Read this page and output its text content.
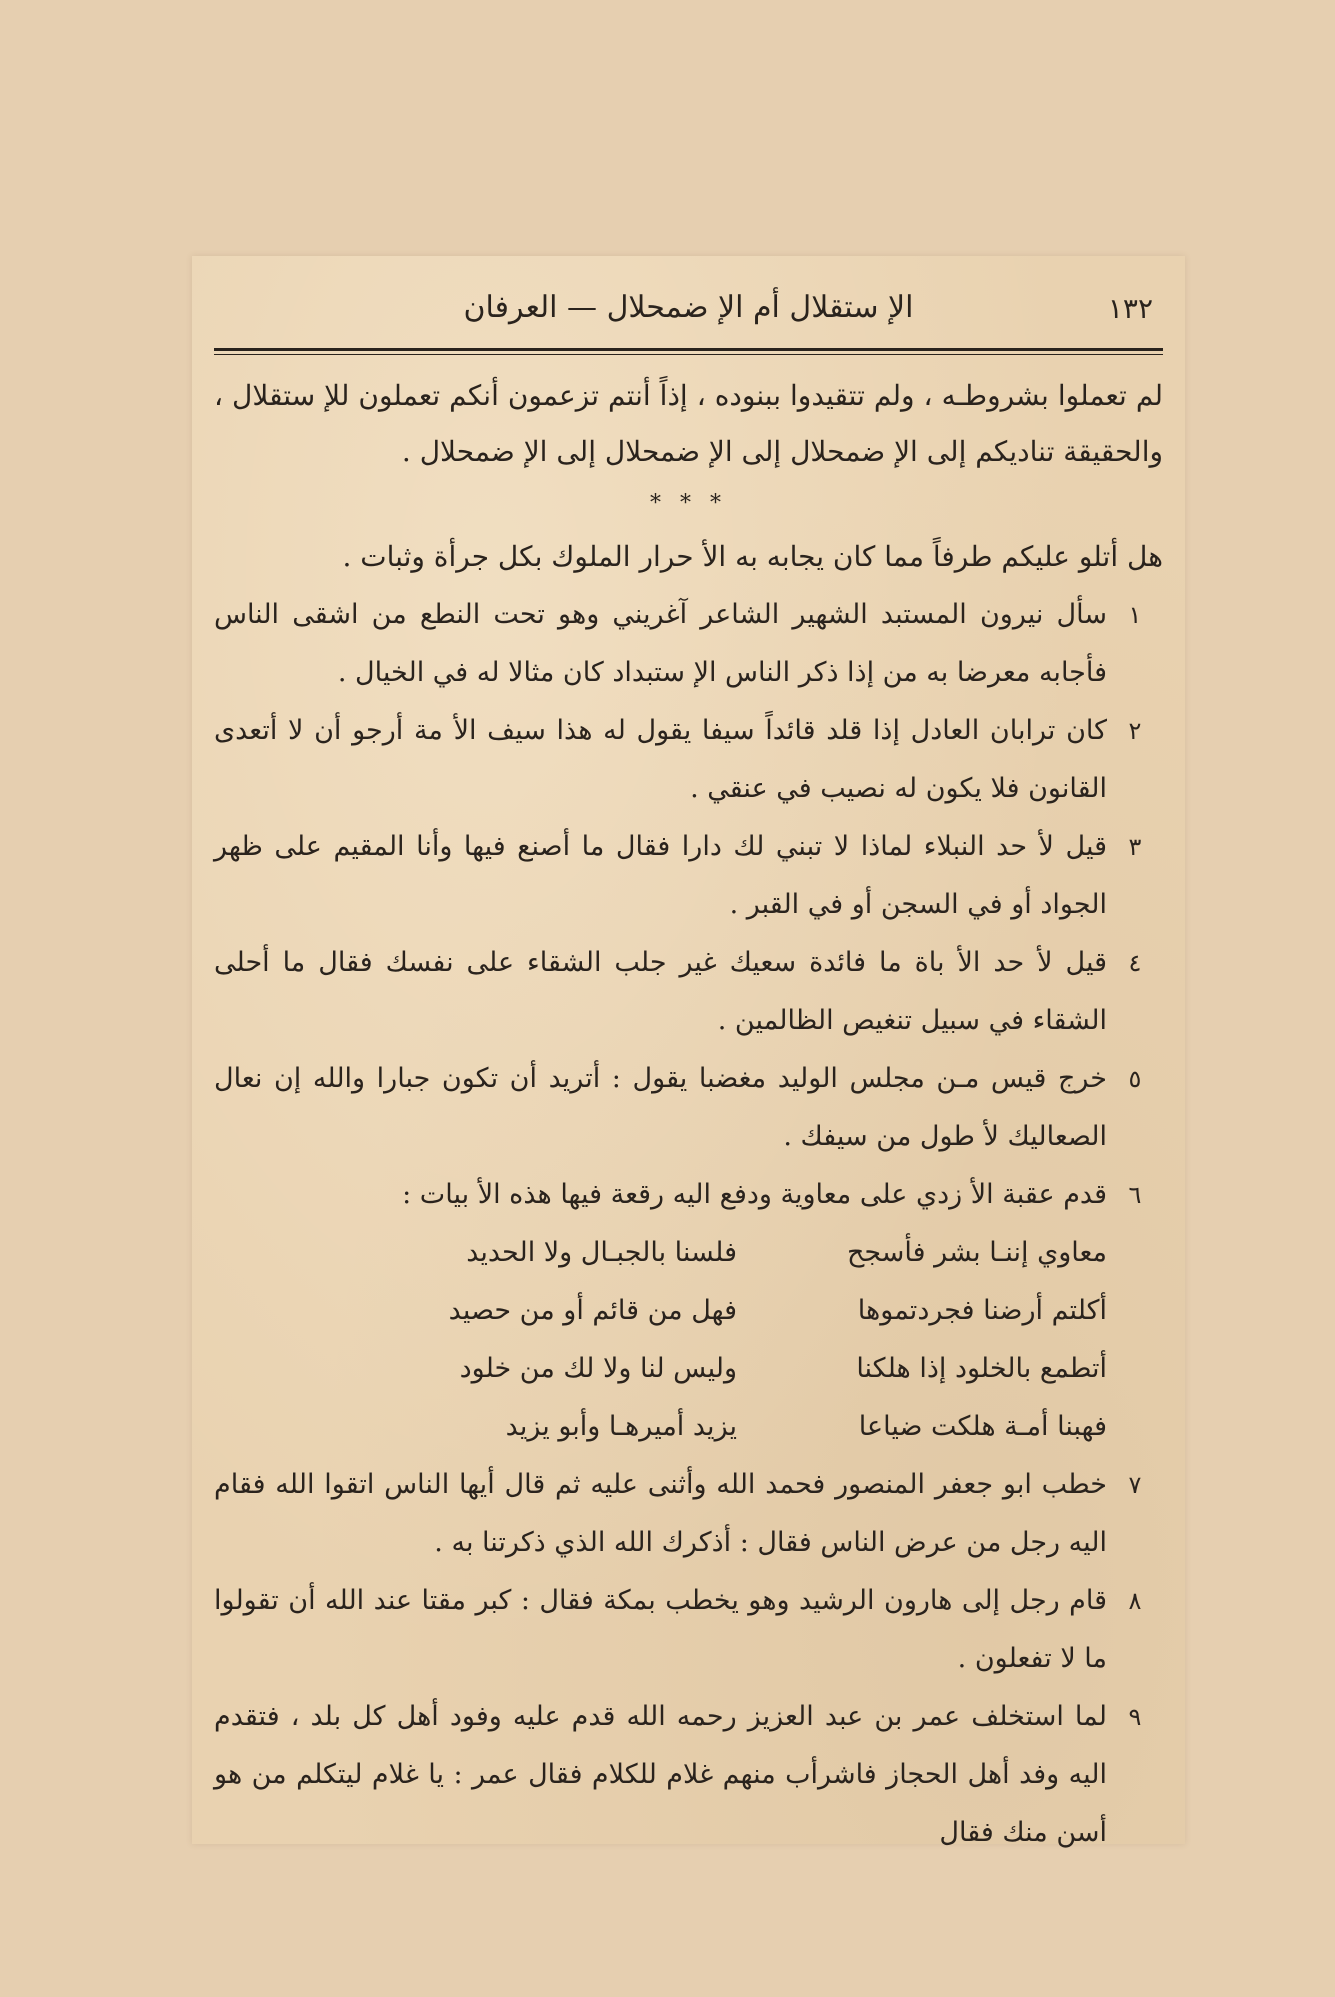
١٣٢
الإ ستقلال أم الإ ضمحلال — العرفان

لم تعملوا بشروطـه ، ولم تتقيدوا ببنوده ، إذاً أنتم تزعمون أنكم تعملون للإ ستقلال ، والحقيقة تناديكم إلى الإ ضمحلال إلى الإ ضمحلال إلى الإ ضمحلال .

* * *

هل أتلو عليكم طرفاً مما كان يجابه به الأ حرار الملوك بكل جرأة وثبات .

١
سأل نيرون المستبد الشهير الشاعر آغريني وهو تحت النطع من اشقى الناس فأجابه معرضا به من إذا ذكر الناس الإ ستبداد كان مثالا له في الخيال .
٢
كان ترابان العادل إذا قلد قائداً سيفا يقول له هذا سيف الأ مة أرجو أن لا أتعدى القانون فلا يكون له نصيب في عنقي .
٣
قيل لأ حد النبلاء لماذا لا تبني لك دارا فقال ما أصنع فيها وأنا المقيم على ظهر الجواد أو في السجن أو في القبر .
٤
قيل لأ حد الأ باة ما فائدة سعيك غير جلب الشقاء على نفسك فقال ما أحلى الشقاء في سبيل تنغيص الظالمين .
٥
خرج قيس مـن مجلس الوليد مغضبا يقول : أتريد أن تكون جبارا والله إن نعال الصعاليك لأ طول من سيفك .
٦
قدم عقبة الأ زدي على معاوية ودفع اليه رقعة فيها هذه الأ بيات :
معاوي إننـا بشر فأسجح
فلسنا بالجبـال ولا الحديد
أكلتم أرضنا فجردتموها
فهل من قائم أو من حصيد
أتطمع بالخلود إذا هلكنا
وليس لنا ولا لك من خلود
فهبنا أمـة هلكت ضياعا
يزيد أميرهـا وأبو يزيد
٧
خطب ابو جعفر المنصور فحمد الله وأثنى عليه ثم قال أيها الناس اتقوا الله فقام اليه رجل من عرض الناس فقال : أذكرك الله الذي ذكرتنا به .
٨
قام رجل إلى هارون الرشيد وهو يخطب بمكة فقال : كبر مقتا عند الله أن تقولوا ما لا تفعلون .
٩
لما استخلف عمر بن عبد العزيز رحمه الله قدم عليه وفود أهل كل بلد ، فتقدم اليه وفد أهل الحجاز فاشرأب منهم غلام للكلام فقال عمر : يا غلام ليتكلم من هو أسن منك فقال
